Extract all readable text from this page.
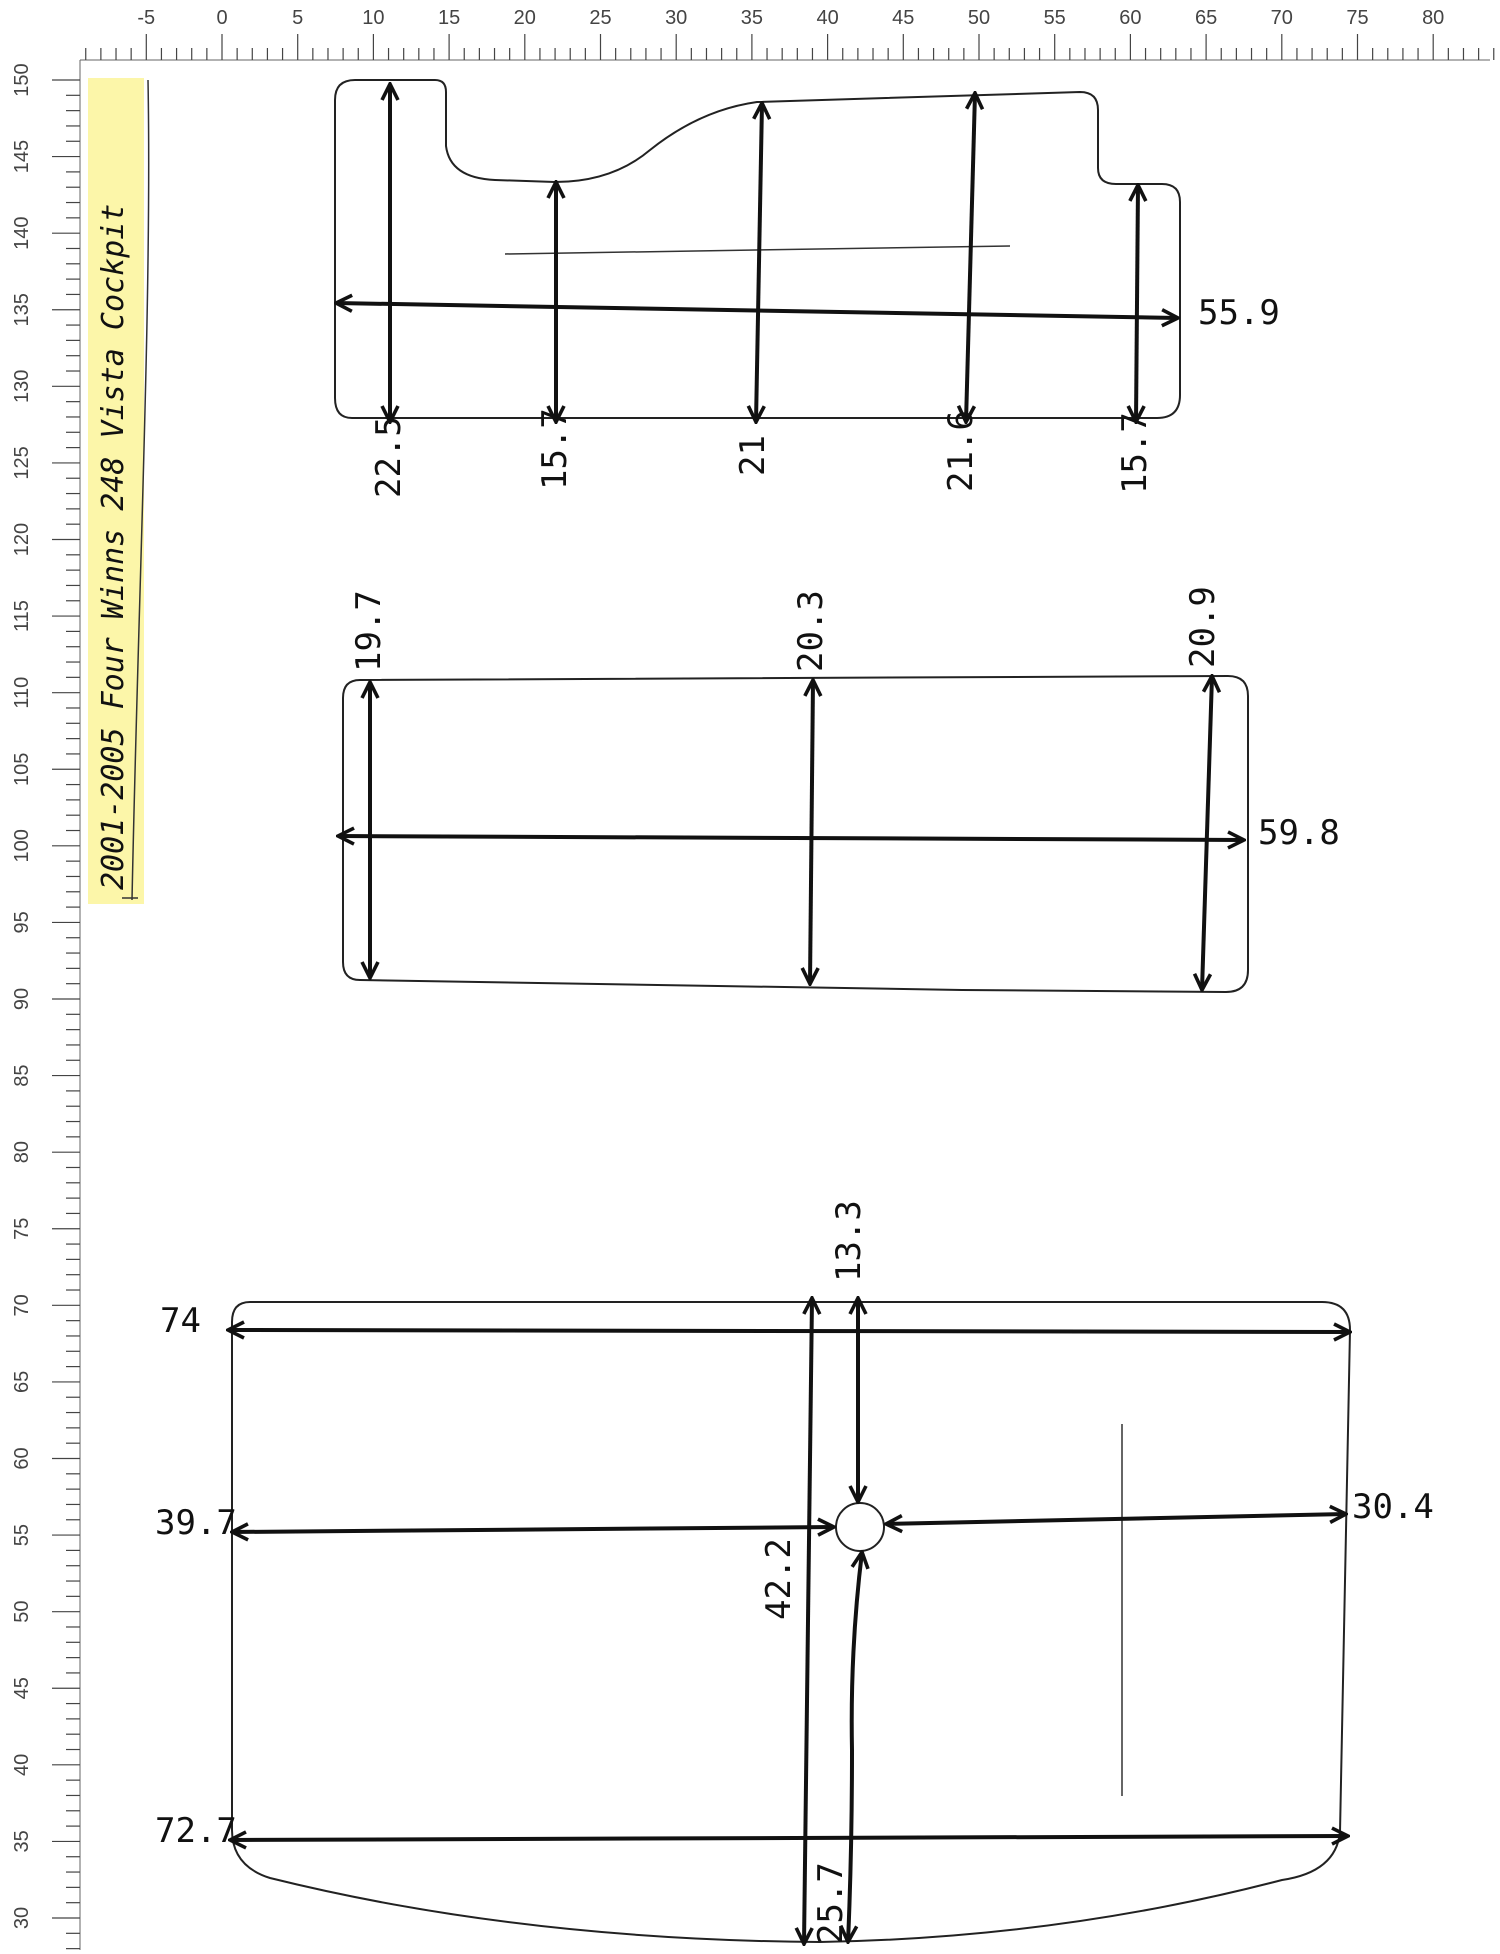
-5	0	5	10	15	20	25	30	35	40	45	50	55	60	65	70	75	80
150
145
140
135
130
125
120
115
110
105
100
95
90
85
80
75
70
65
60
55
50
45
40
35
30
2001-2005 Four Winns 248 Vista Cockpit	55.9
22.5	15.7	21	21.6	15.7
59.8
19.7	20.3	20.9
74
39.7	30.4
72.7
13.3
42.2
25.7
